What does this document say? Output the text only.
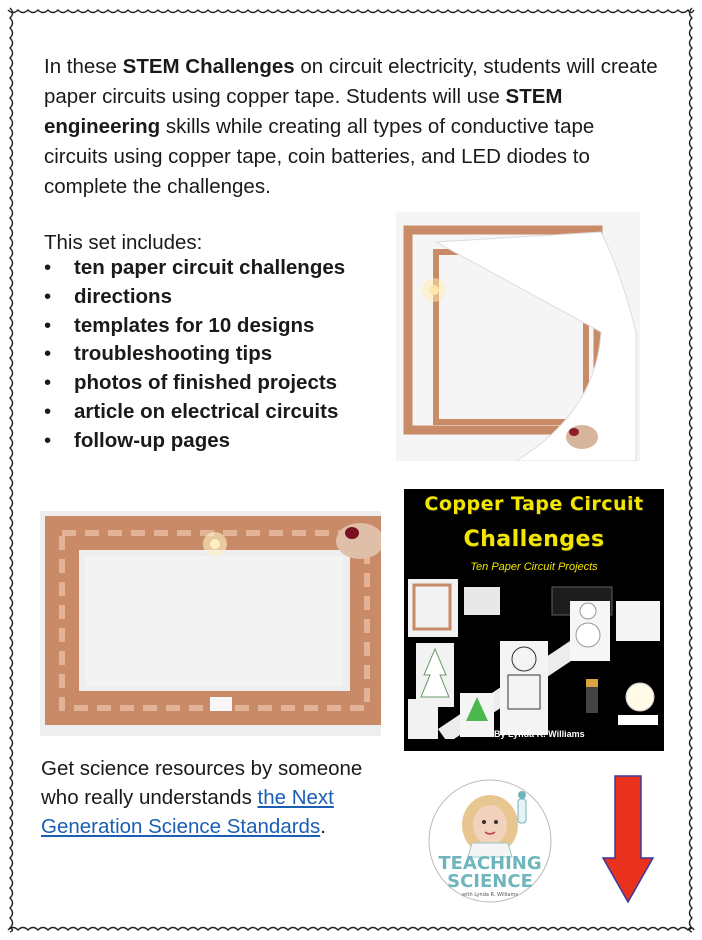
In these STEM Challenges on circuit electricity, students will create paper circuits using copper tape. Students will use STEM engineering skills while creating all types of conductive tape circuits using copper tape, coin batteries, and LED diodes to complete the challenges.

This set includes:

• ten paper circuit challenges
• directions
• templates for 10 designs
• troubleshooting tips
• photos of finished projects
• article on electrical circuits
• follow-up pages
Copper Tape Circuit
Challenges
Ten Paper Circuit Projects
By Lynda R. Williams

Get science resources by someone who really understands the Next Generation Science Standards.

TEACHING
SCIENCE
with Lynda R. Williams
